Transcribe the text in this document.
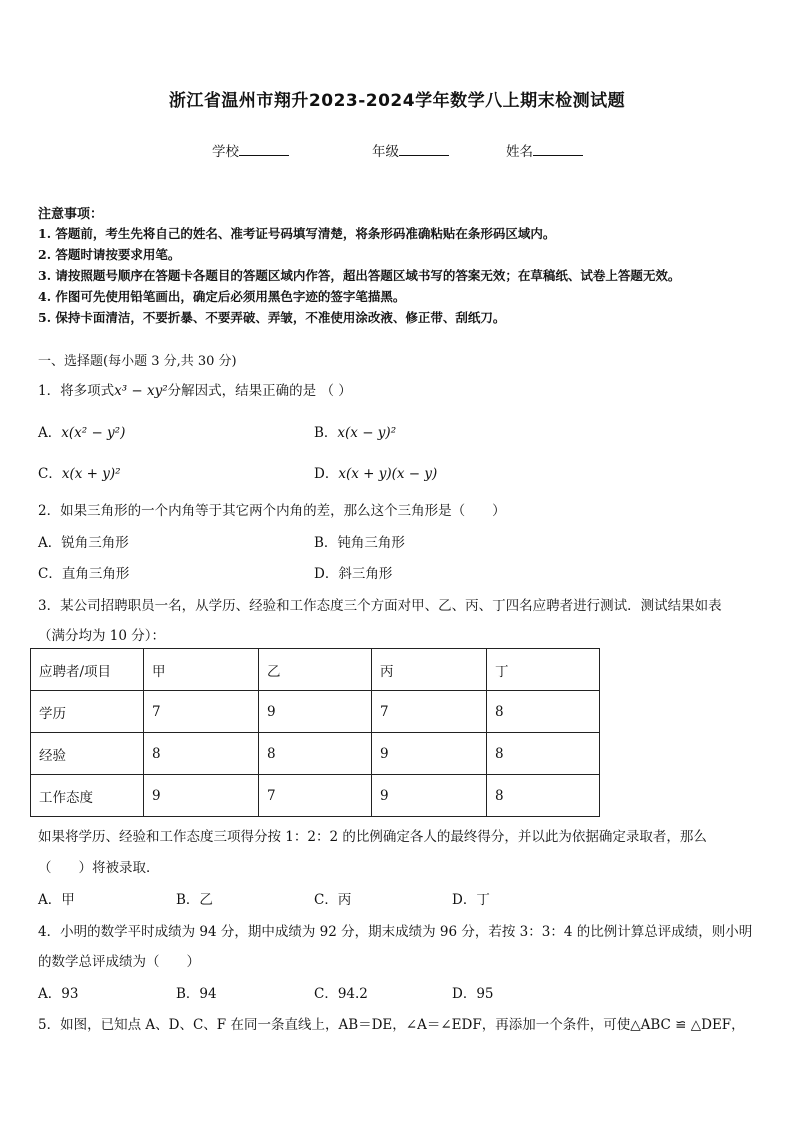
浙江省温州市翔升2023-2024学年数学八上期末检测试题
学校	年级	姓名
注意事项：
1. 答题前，考生先将自己的姓名、准考证号码填写清楚，将条形码准确粘贴在条形码区域内。
2. 答题时请按要求用笔。
3. 请按照题号顺序在答题卡各题目的答题区域内作答，超出答题区域书写的答案无效；在草稿纸、试卷上答题无效。
4. 作图可先使用铅笔画出，确定后必须用黑色字迹的签字笔描黑。
5. 保持卡面清洁，不要折暴、不要弄破、弄皱，不准使用涂改液、修正带、刮纸刀。
一、选择题(每小题 3 分,共 30 分)
1．将多项式x³ − xy²分解因式，结果正确的是 （ ）
A．x(x² − y²)	B．x(x − y)²
C．x(x + y)²	D．x(x + y)(x − y)
2．如果三角形的一个内角等于其它两个内角的差，那么这个三角形是（　　）
A．锐角三角形	B．钝角三角形
C．直角三角形	D．斜三角形
3．某公司招聘职员一名，从学历、经验和工作态度三个方面对甲、乙、丙、丁四名应聘者进行测试．测试结果如表
（满分均为 10 分）：
应聘者/项目	甲	乙	丙	丁
学历	7	9	7	8
经验	8	8	9	8
工作态度	9	7	9	8
如果将学历、经验和工作态度三项得分按 1：2：2 的比例确定各人的最终得分，并以此为依据确定录取者，那么
（　　）将被录取．
A．甲	B．乙	C．丙	D．丁
4．小明的数学平时成绩为 94 分，期中成绩为 92 分，期末成绩为 96 分，若按 3：3：4 的比例计算总评成绩，则小明
的数学总评成绩为（　　）
A．93	B．94	C．94.2	D．95
5．如图，已知点 A、D、C、F 在同一条直线上，AB＝DE，∠A＝∠EDF，再添加一个条件，可使△ABC ≌ △DEF，
